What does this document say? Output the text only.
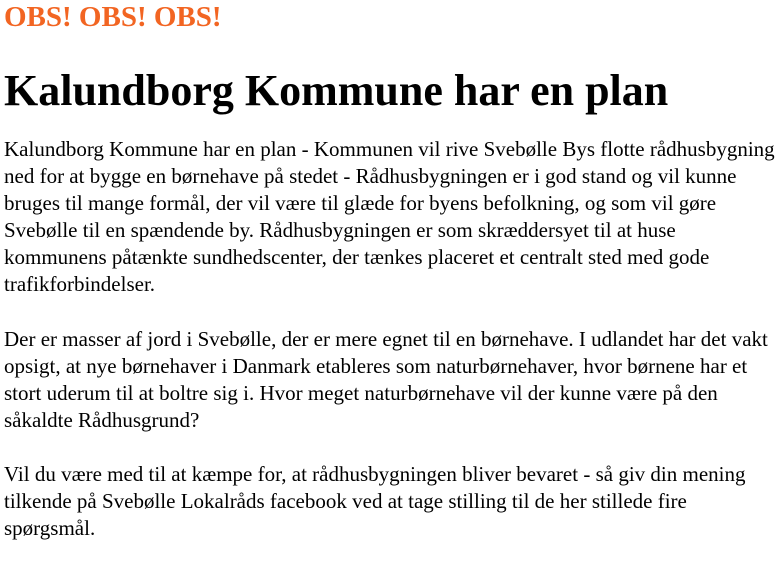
OBS! OBS! OBS!
Kalundborg Kommune har en plan

Kalundborg Kommune har en plan - Kommunen vil rive Svebølle Bys flotte rådhusbygning ned for at bygge en børnehave på stedet - Rådhusbygningen er i god stand og vil kunne bruges til mange formål, der vil være til glæde for byens befolkning, og som vil gøre Svebølle til en spændende by. Rådhusbygningen er som skræddersyet til at huse kommunens påtænkte sundhedscenter, der tænkes placeret et centralt sted med gode trafikforbindelser.

Der er masser af jord i Svebølle, der er mere egnet til en børnehave. I udlandet har det vakt opsigt, at nye børnehaver i Danmark etableres som naturbørnehaver, hvor børnene har et stort uderum til at boltre sig i. Hvor meget naturbørnehave vil der kunne være på den såkaldte Rådhusgrund?

Vil du være med til at kæmpe for, at rådhusbygningen bliver bevaret - så giv din mening tilkende på Svebølle Lokalråds facebook ved at tage stilling til de her stillede fire spørgsmål.
